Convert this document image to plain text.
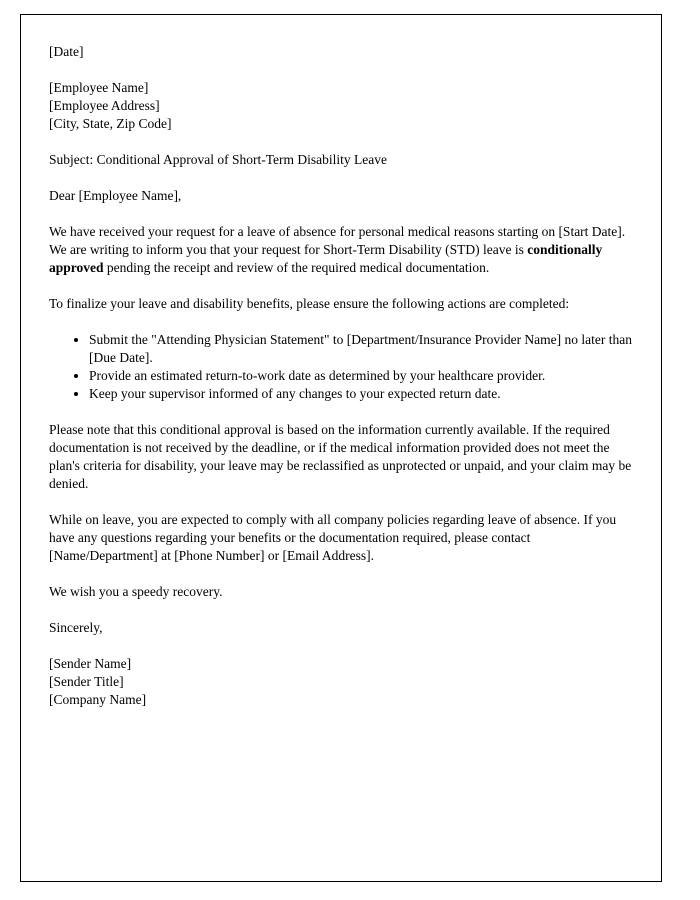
[Date]

[Employee Name]
[Employee Address]
[City, State, Zip Code]

Subject: Conditional Approval of Short-Term Disability Leave

Dear [Employee Name],

We have received your request for a leave of absence for personal medical reasons starting on [Start Date]. We are writing to inform you that your request for Short-Term Disability (STD) leave is conditionally approved pending the receipt and review of the required medical documentation.

To finalize your leave and disability benefits, please ensure the following actions are completed:

• Submit the "Attending Physician Statement" to [Department/Insurance Provider Name] no later than [Due Date].
• Provide an estimated return-to-work date as determined by your healthcare provider.
• Keep your supervisor informed of any changes to your expected return date.

Please note that this conditional approval is based on the information currently available. If the required documentation is not received by the deadline, or if the medical information provided does not meet the plan's criteria for disability, your leave may be reclassified as unprotected or unpaid, and your claim may be denied.

While on leave, you are expected to comply with all company policies regarding leave of absence. If you have any questions regarding your benefits or the documentation required, please contact [Name/Department] at [Phone Number] or [Email Address].

We wish you a speedy recovery.

Sincerely,

[Sender Name]
[Sender Title]
[Company Name]
